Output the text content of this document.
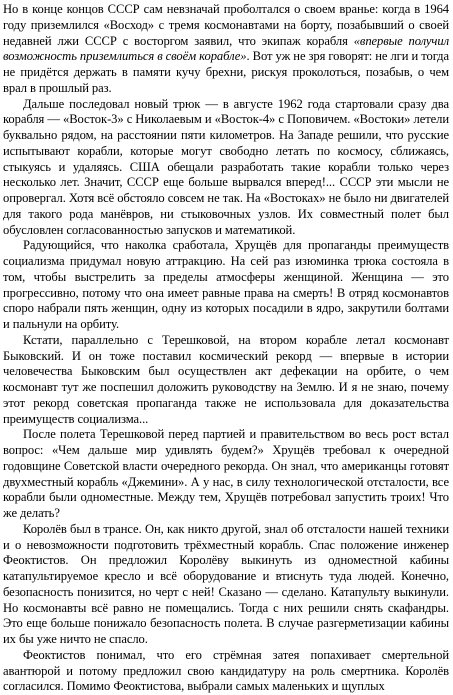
Но в конце концов СССР сам невзначай проболтался о своем вранье: когда в 1964 году приземлился «Восход» с тремя космонавтами на борту, позабывший о своей недавней лжи СССР с восторгом заявил, что экипаж корабля «впервые получил возможность приземлиться в своём корабле». Вот уж не зря говорят: не лги и тогда не придётся держать в памяти кучу брехни, рискуя проколоться, позабыв, о чем врал в прошлый раз.

Дальше последовал новый трюк — в августе 1962 года стартовали сразу два корабля — «Восток-3» с Николаевым и «Восток-4» с Поповичем. «Востоки» летели буквально рядом, на расстоянии пяти километров. На Западе решили, что русские испытывают корабли, которые могут свободно летать по космосу, сближаясь, стыкуясь и удаляясь. США обещали разработать такие корабли только через несколько лет. Значит, СССР еще больше вырвался вперед!... СССР эти мысли не опровергал. Хотя всё обстояло совсем не так. На «Востоках» не было ни двигателей для такого рода манёвров, ни стыковочных узлов. Их совместный полет был обусловлен согласованностью запусков и математикой.

Радующийся, что наколка сработала, Хрущёв для пропаганды преимуществ социализма придумал новую аттракцию. На сей раз изюминка трюка состояла в том, чтобы выстрелить за пределы атмосферы женщиной. Женщина — это прогрессивно, потому что она имеет равные права на смерть! В отряд космонавтов споро набрали пять женщин, одну из которых посадили в ядро, закрутили болтами и пальнули на орбиту.

Кстати, параллельно с Терешковой, на втором корабле летал космонавт Быковский. И он тоже поставил космический рекорд — впервые в истории человечества Быковским был осуществлен акт дефекации на орбите, о чем космонавт тут же поспешил доложить руководству на Землю. И я не знаю, почему этот рекорд советская пропаганда также не использовала для доказательства преимуществ социализма...

После полета Терешковой перед партией и правительством во весь рост встал вопрос: «Чем дальше мир удивлять будем?» Хрущёв требовал к очередной годовщине Советской власти очередного рекорда. Он знал, что американцы готовят двухместный корабль «Джемини». А у нас, в силу технологической отсталости, все корабли были одноместные. Между тем, Хрущёв потребовал запустить троих! Что же делать?

Королёв был в трансе. Он, как никто другой, знал об отсталости нашей техники и о невозможности подготовить трёхместный корабль. Спас положение инженер Феоктистов. Он предложил Королёву выкинуть из одноместной кабины катапультируемое кресло и всё оборудование и втиснуть туда людей. Конечно, безопасность понизится, но черт с ней! Сказано — сделано. Катапульту выкинули. Но космонавты всё равно не помещались. Тогда с них решили снять скафандры. Это еще больше понижало безопасность полета. В случае разгерметизации кабины их бы уже ничто не спасло.

Феоктистов понимал, что его стрёмная затея попахивает смертельной авантюрой и потому предложил свою кандидатуру на роль смертника. Королёв согласился. Помимо Феоктистова, выбрали самых маленьких и щуплых
